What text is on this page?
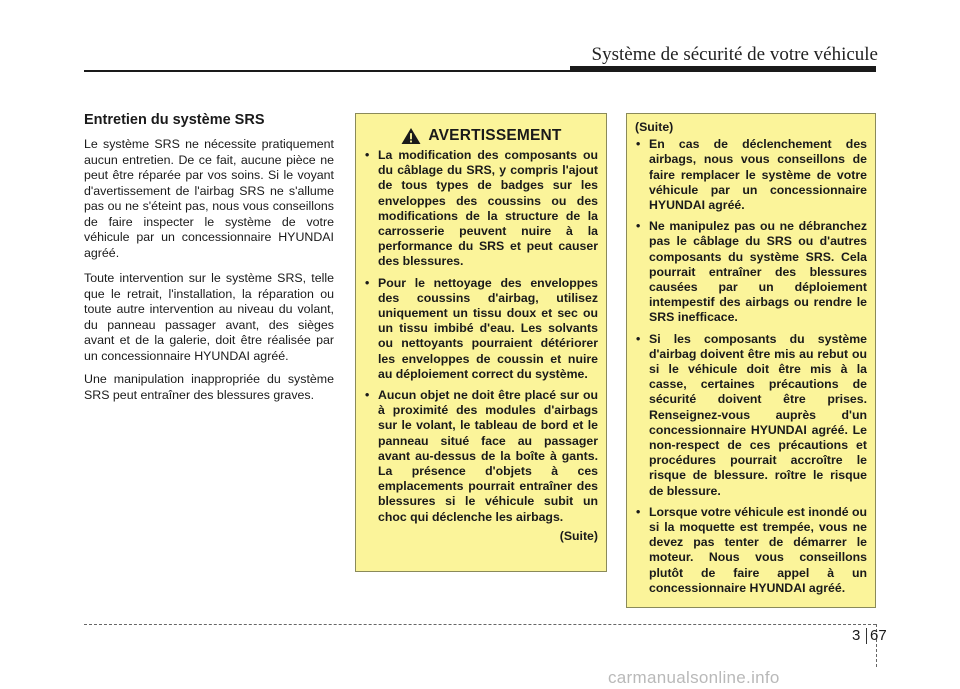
Système de sécurité de votre véhicule
Entretien du système SRS

Le système SRS ne nécessite pratiquement aucun entretien. De ce fait, aucune pièce ne peut être réparée par vos soins. Si le voyant d'avertissement de l'airbag SRS ne s'allume pas ou ne s'éteint pas, nous vous conseillons de faire inspecter le système de votre véhicule par un concessionnaire HYUNDAI agréé.

Toute intervention sur le système SRS, telle que le retrait, l'installation, la réparation ou toute autre intervention au niveau du volant, du panneau passager avant, des sièges avant et de la galerie, doit être réalisée par un concessionnaire HYUNDAI agréé.

Une manipulation inappropriée du système SRS peut entraîner des blessures graves.

AVERTISSEMENT
• La modification des composants ou du câblage du SRS, y compris l'ajout de tous types de badges sur les enveloppes des coussins ou des modifications de la structure de la carrosserie peuvent nuire à la performance du SRS et peut causer des blessures.
• Pour le nettoyage des enveloppes des coussins d'airbag, utilisez uniquement un tissu doux et sec ou un tissu imbibé d'eau. Les solvants ou nettoyants pourraient détériorer les enveloppes de coussin et nuire au déploiement correct du système.
• Aucun objet ne doit être placé sur ou à proximité des modules d'airbags sur le volant, le tableau de bord et le panneau situé face au passager avant au-dessus de la boîte à gants. La présence d'objets à ces emplacements pourrait entraîner des blessures si le véhicule subit un choc qui déclenche les airbags.
(Suite)
(Suite)
• En cas de déclenchement des airbags, nous vous conseillons de faire remplacer le système de votre véhicule par un concessionnaire HYUNDAI agréé.
• Ne manipulez pas ou ne débranchez pas le câblage du SRS ou d'autres composants du système SRS. Cela pourrait entraîner des blessures causées par un déploiement intempestif des airbags ou rendre le SRS inefficace.
• Si les composants du système d'airbag doivent être mis au rebut ou si le véhicule doit être mis à la casse, certaines précautions de sécurité doivent être prises. Renseignez-vous auprès d'un concessionnaire HYUNDAI agréé. Le non-respect de ces précautions et procédures pourrait accroître le risque de blessure. roître le risque de blessure.
• Lorsque votre véhicule est inondé ou si la moquette est trempée, vous ne devez pas tenter de démarrer le moteur. Nous vous conseillons plutôt de faire appel à un concessionnaire HYUNDAI agréé.
3 67
carmanualsonline.info
